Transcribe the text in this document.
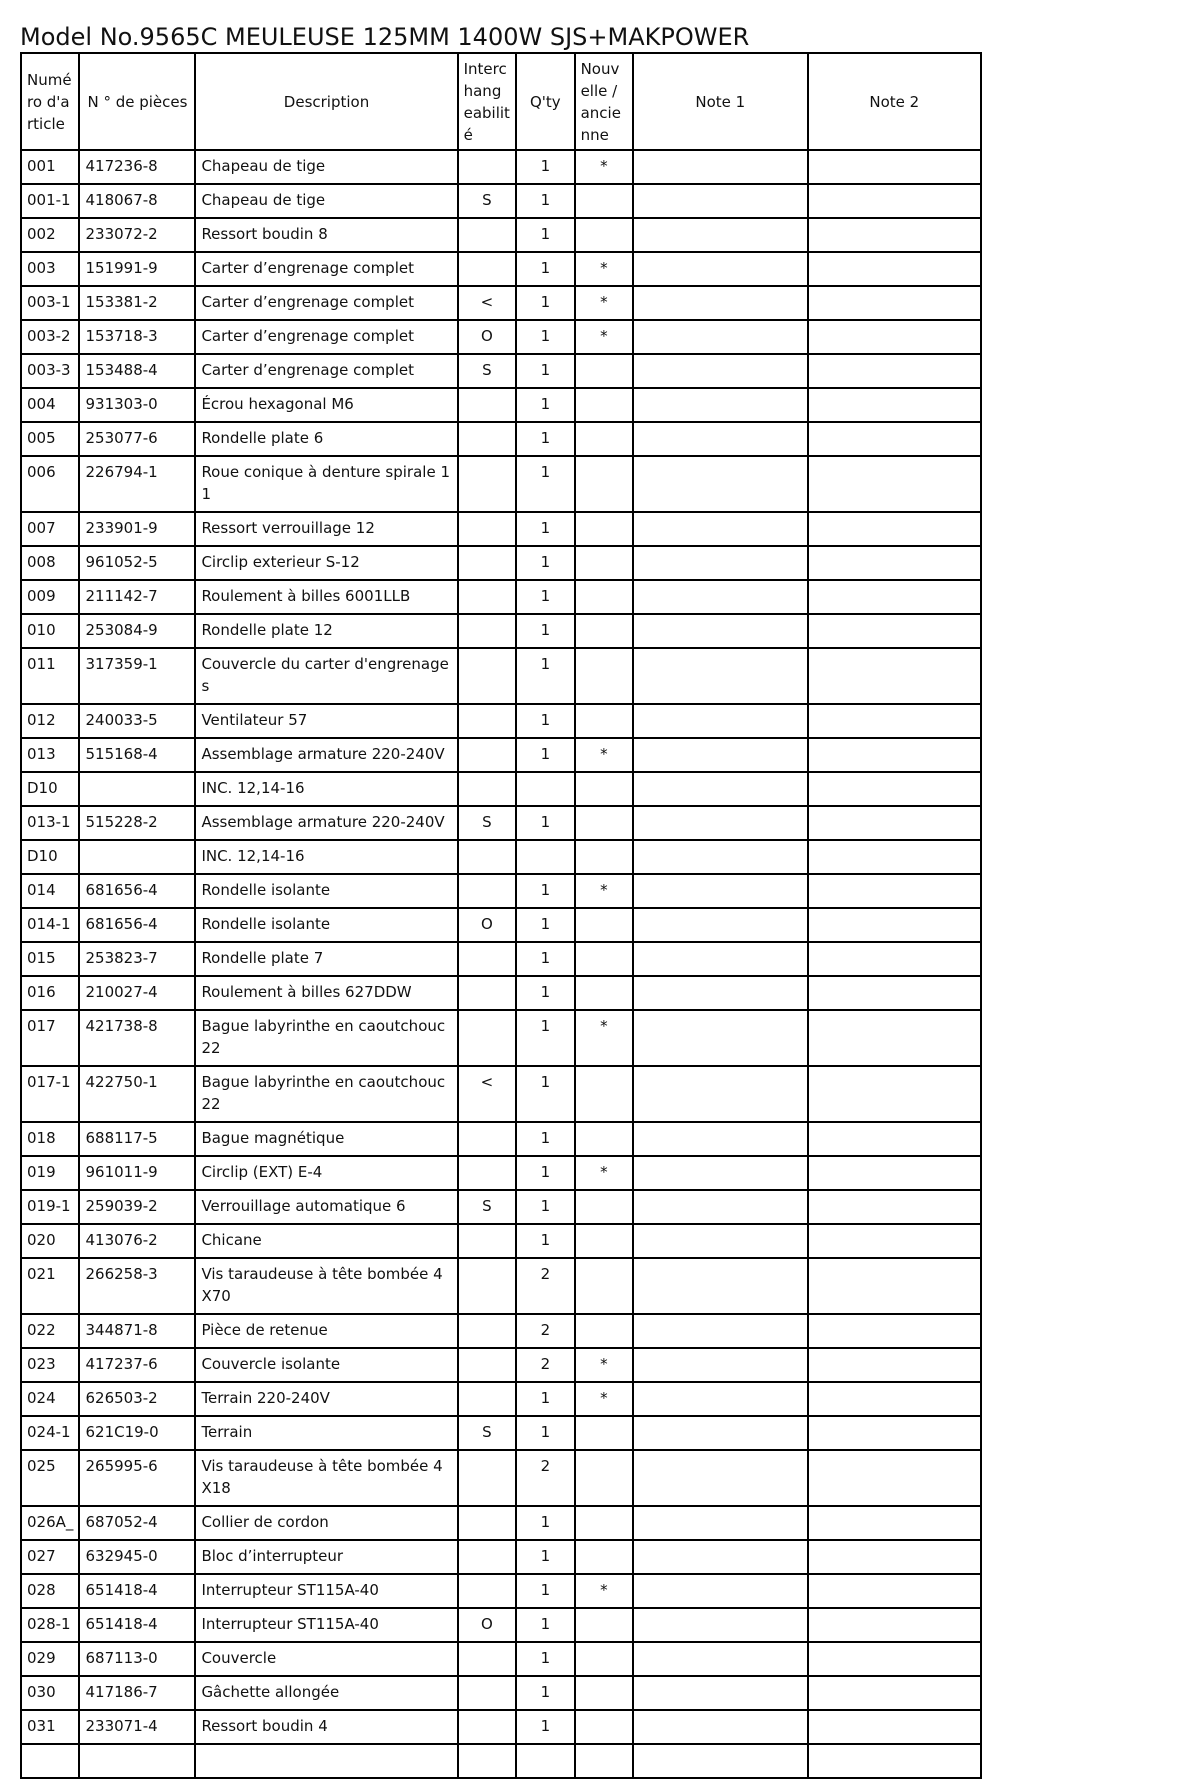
Model No.9565C MEULEUSE 125MM 1400W SJS+MAKPOWER
Numé ro d'a rticle	N ° de pièces	Description	Interc hang eabilit é	Q'ty	Nouv elle / ancie nne	Note 1	Note 2
001	417236-8	Chapeau de tige		1	*		
001-1	418067-8	Chapeau de tige	S	1			
002	233072-2	Ressort boudin 8		1			
003	151991-9	Carter d’engrenage complet		1	*		
003-1	153381-2	Carter d’engrenage complet	<	1	*		
003-2	153718-3	Carter d’engrenage complet	O	1	*		
003-3	153488-4	Carter d’engrenage complet	S	1			
004	931303-0	Écrou hexagonal M6		1			
005	253077-6	Rondelle plate 6		1			
006	226794-1	Roue conique à denture spirale 11		1			
007	233901-9	Ressort verrouillage 12		1			
008	961052-5	Circlip exterieur S-12		1			
009	211142-7	Roulement à billes 6001LLB		1			
010	253084-9	Rondelle plate 12		1			
011	317359-1	Couvercle du carter d'engrenages		1			
012	240033-5	Ventilateur 57		1			
013	515168-4	Assemblage armature 220-240V		1	*		
D10		INC. 12,14-16					
013-1	515228-2	Assemblage armature 220-240V	S	1			
D10		INC. 12,14-16					
014	681656-4	Rondelle isolante		1	*		
014-1	681656-4	Rondelle isolante	O	1			
015	253823-7	Rondelle plate 7		1			
016	210027-4	Roulement à billes 627DDW		1			
017	421738-8	Bague labyrinthe en caoutchouc 22		1	*		
017-1	422750-1	Bague labyrinthe en caoutchouc 22	<	1			
018	688117-5	Bague magnétique		1			
019	961011-9	Circlip (EXT) E-4		1	*		
019-1	259039-2	Verrouillage automatique 6	S	1			
020	413076-2	Chicane		1			
021	266258-3	Vis taraudeuse à tête bombée 4X70		2			
022	344871-8	Pièce de retenue		2			
023	417237-6	Couvercle isolante		2	*		
024	626503-2	Terrain 220-240V		1	*		
024-1	621C19-0	Terrain	S	1			
025	265995-6	Vis taraudeuse à tête bombée 4X18		2			
026A_	687052-4	Collier de cordon		1			
027	632945-0	Bloc d’interrupteur		1			
028	651418-4	Interrupteur ST115A-40		1	*		
028-1	651418-4	Interrupteur ST115A-40	O	1			
029	687113-0	Couvercle		1			
030	417186-7	Gâchette allongée		1			
031	233071-4	Ressort boudin 4		1			
